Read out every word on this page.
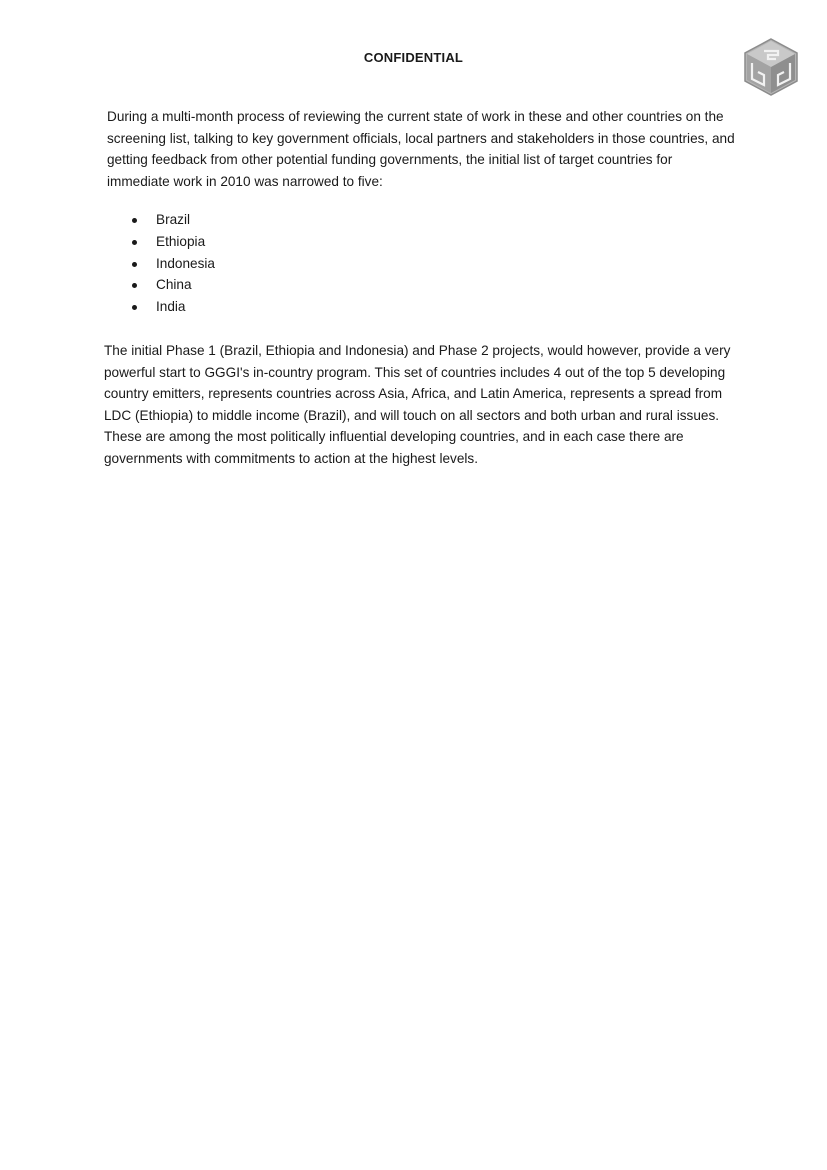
CONFIDENTIAL
During a multi-month process of reviewing the current state of work in these and other countries on the screening list, talking to key government officials, local partners and stakeholders in those countries, and getting feedback from other potential funding governments, the initial list of target countries for immediate work in 2010 was narrowed to five:
Brazil
Ethiopia
Indonesia
China
India
The initial Phase 1 (Brazil, Ethiopia and Indonesia) and Phase 2 projects, would however, provide a very powerful start to GGGI's in-country program. This set of countries includes 4 out of the top 5 developing country emitters, represents countries across Asia, Africa, and Latin America, represents a spread from LDC (Ethiopia) to middle income (Brazil), and will touch on all sectors and both urban and rural issues. These are among the most politically influential developing countries, and in each case there are governments with commitments to action at the highest levels.
